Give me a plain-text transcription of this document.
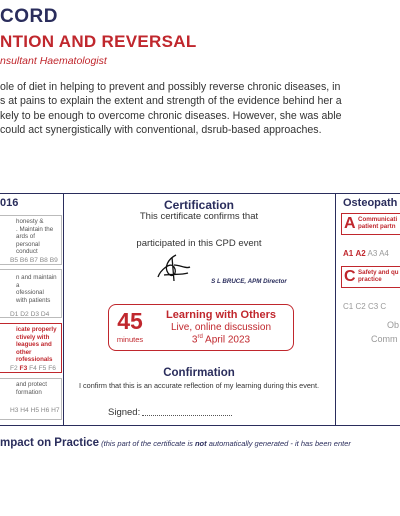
CORD
NTION AND REVERSAL
nsultant Haematologist
ole of diet in helping to prevent and possibly reverse chronic diseases, in
s at pains to explain the extent and strength of the evidence behind her a
kely to be enough to overcome chronic diseases. However, she was able
could act synergistically with conventional, dsrub-based approaches.
016
honesty &
. Maintain the
ards of
personal conduct
B5 B6 B7 B8 B9
n and maintain a
ofessional
with patients
D1 D2 D3 D4
icate properly
ctively with
leagues and other
rofessionals
F2 F3 F4 F5 F6
and protect
formation
H3 H4 H5 H6 H7
Certification
This certificate confirms that
participated in this CPD event
S L BRUCE, APM Director
45
minutes
Learning with Others
Live, online discussion
3rd April 2023
Confirmation
I confirm that this is an accurate reflection of my learning during this event.
Signed:
Osteopath
A Communicati
patient partn
A1 A2 A3 A4
C Safety and qu
practice
C1 C2 C3 C
Ob
Comm
mpact on Practice (this part of the certificate is not automatically generated - it has been enter
